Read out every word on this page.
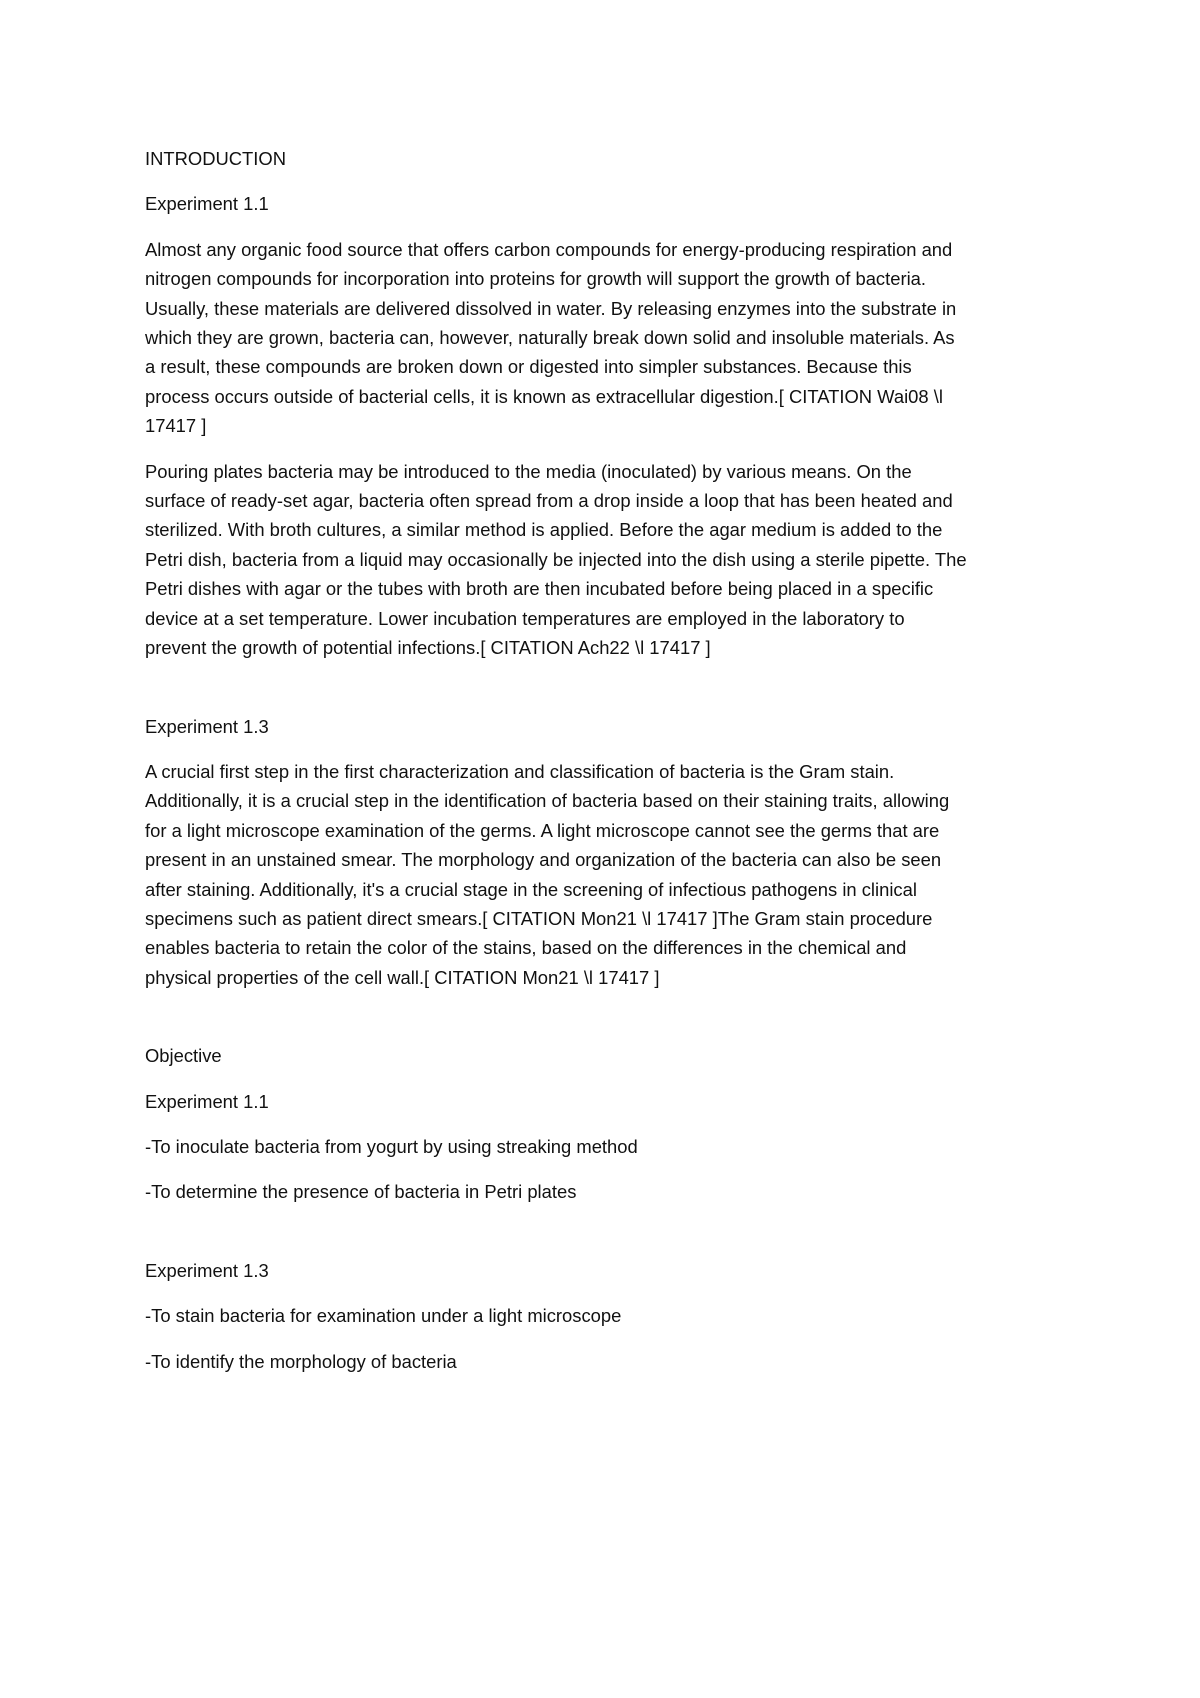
INTRODUCTION
Experiment 1.1
Almost any organic food source that offers carbon compounds for energy-producing respiration and
nitrogen compounds for incorporation into proteins for growth will support the growth of bacteria.
Usually, these materials are delivered dissolved in water. By releasing enzymes into the substrate in
which they are grown, bacteria can, however, naturally break down solid and insoluble materials. As
a result, these compounds are broken down or digested into simpler substances. Because this
process occurs outside of bacterial cells, it is known as extracellular digestion.[ CITATION Wai08 \l
17417 ]
Pouring plates bacteria may be introduced to the media (inoculated) by various means. On the
surface of ready-set agar, bacteria often spread from a drop inside a loop that has been heated and
sterilized. With broth cultures, a similar method is applied. Before the agar medium is added to the
Petri dish, bacteria from a liquid may occasionally be injected into the dish using a sterile pipette. The
Petri dishes with agar or the tubes with broth are then incubated before being placed in a specific
device at a set temperature. Lower incubation temperatures are employed in the laboratory to
prevent the growth of potential infections.[ CITATION Ach22 \l 17417 ]
Experiment 1.3
A crucial first step in the first characterization and classification of bacteria is the Gram stain.
Additionally, it is a crucial step in the identification of bacteria based on their staining traits, allowing
for a light microscope examination of the germs. A light microscope cannot see the germs that are
present in an unstained smear. The morphology and organization of the bacteria can also be seen
after staining. Additionally, it's a crucial stage in the screening of infectious pathogens in clinical
specimens such as patient direct smears.[ CITATION Mon21 \l 17417 ]The Gram stain procedure
enables bacteria to retain the color of the stains, based on the differences in the chemical and
physical properties of the cell wall.[ CITATION Mon21 \l 17417 ]
Objective
Experiment 1.1
-To inoculate bacteria from yogurt by using streaking method
-To determine the presence of bacteria in Petri plates
Experiment 1.3
-To stain bacteria for examination under a light microscope
-To identify the morphology of bacteria
